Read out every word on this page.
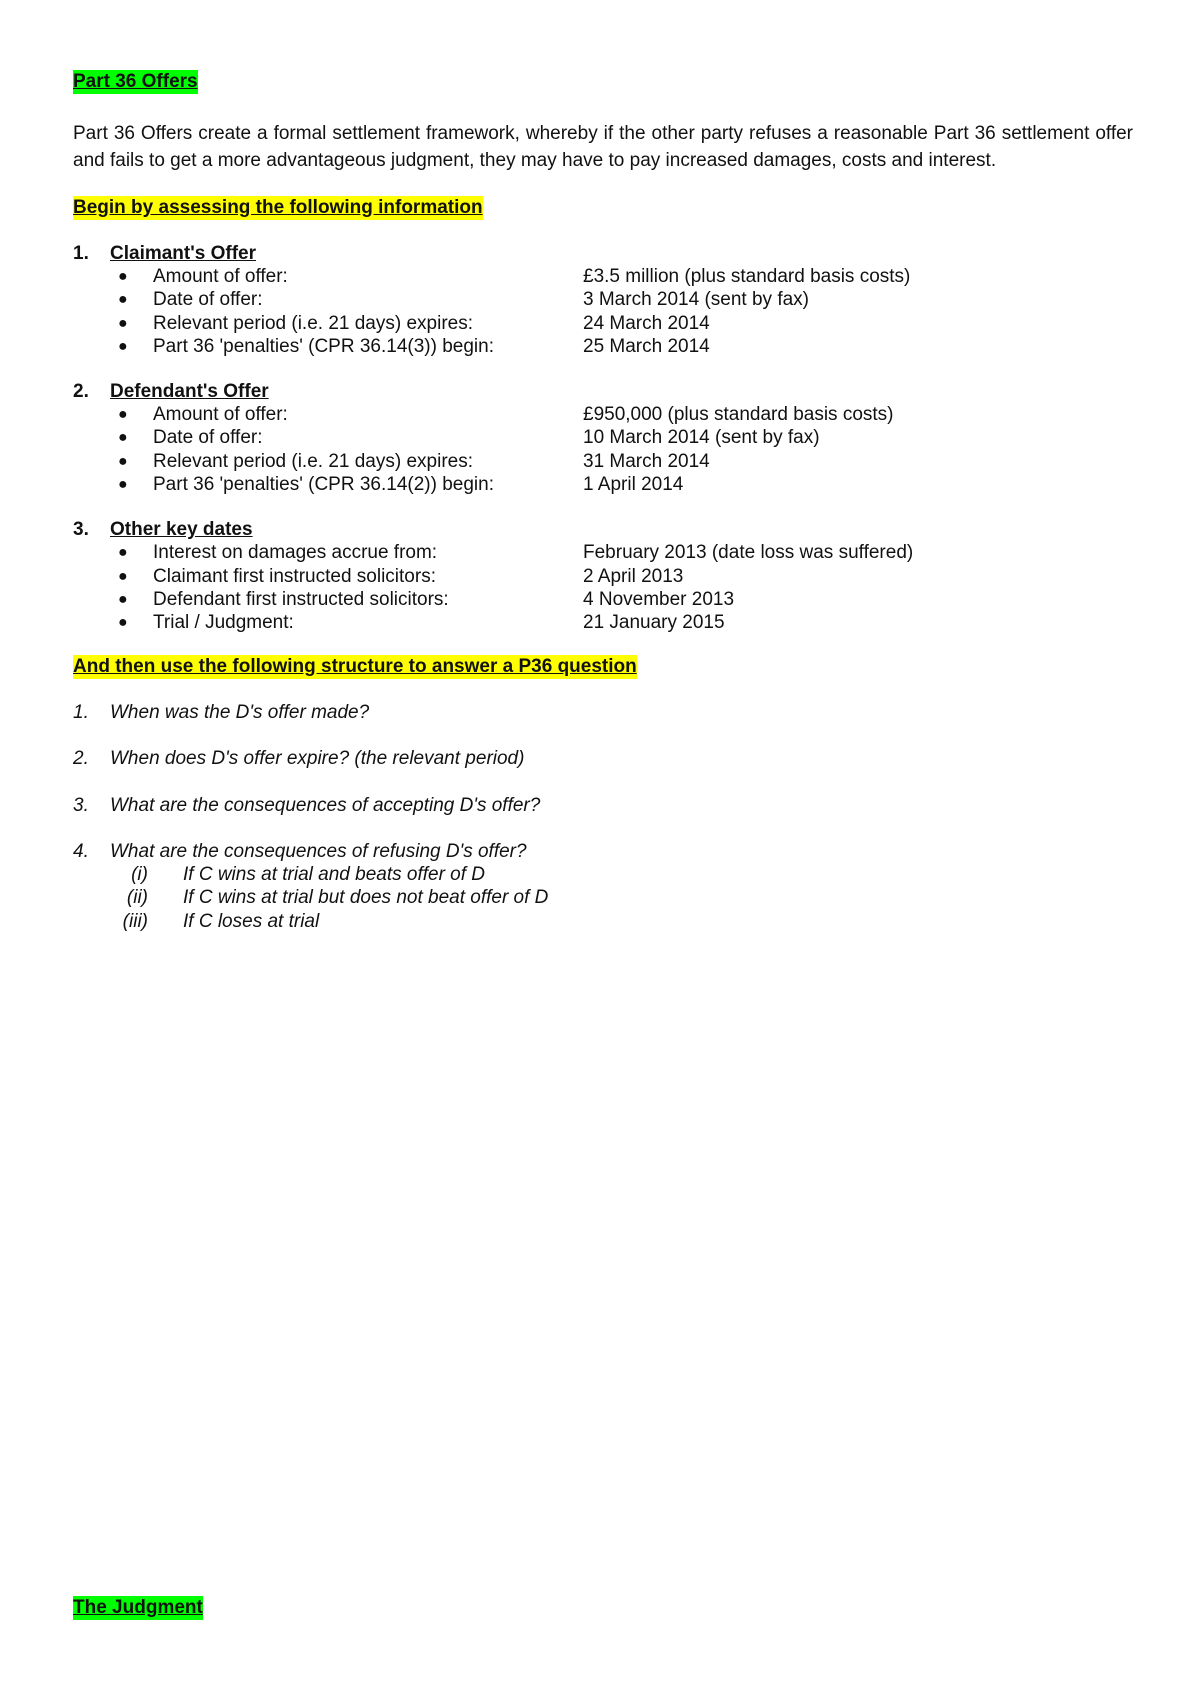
Part 36 Offers

Part 36 Offers create a formal settlement framework, whereby if the other party refuses a reasonable Part 36 settlement offer and fails to get a more advantageous judgment, they may have to pay increased damages, costs and interest.

Begin by assessing the following information
1.	Claimant's Offer
● Amount of offer:	£3.5 million (plus standard basis costs)
● Date of offer:	3 March 2014 (sent by fax)
● Relevant period (i.e. 21 days) expires:	24 March 2014
● Part 36 'penalties' (CPR 36.14(3)) begin:	25 March 2014
2.	Defendant's Offer
● Amount of offer:	£950,000 (plus standard basis costs)
● Date of offer:	10 March 2014 (sent by fax)
● Relevant period (i.e. 21 days) expires:	31 March 2014
● Part 36 'penalties' (CPR 36.14(2)) begin:	1 April 2014
3.	Other key dates
● Interest on damages accrue from:	February 2013 (date loss was suffered)
● Claimant first instructed solicitors:	2 April 2013
● Defendant first instructed solicitors:	4 November 2013
● Trial / Judgment:	21 January 2015
And then use the following structure to answer a P36 question
1. When was the D's offer made?
2. When does D's offer expire? (the relevant period)
3. What are the consequences of accepting D's offer?
4. What are the consequences of refusing D's offer?
(i) If C wins at trial and beats offer of D
(ii) If C wins at trial but does not beat offer of D
(iii) If C loses at trial
The Judgment
